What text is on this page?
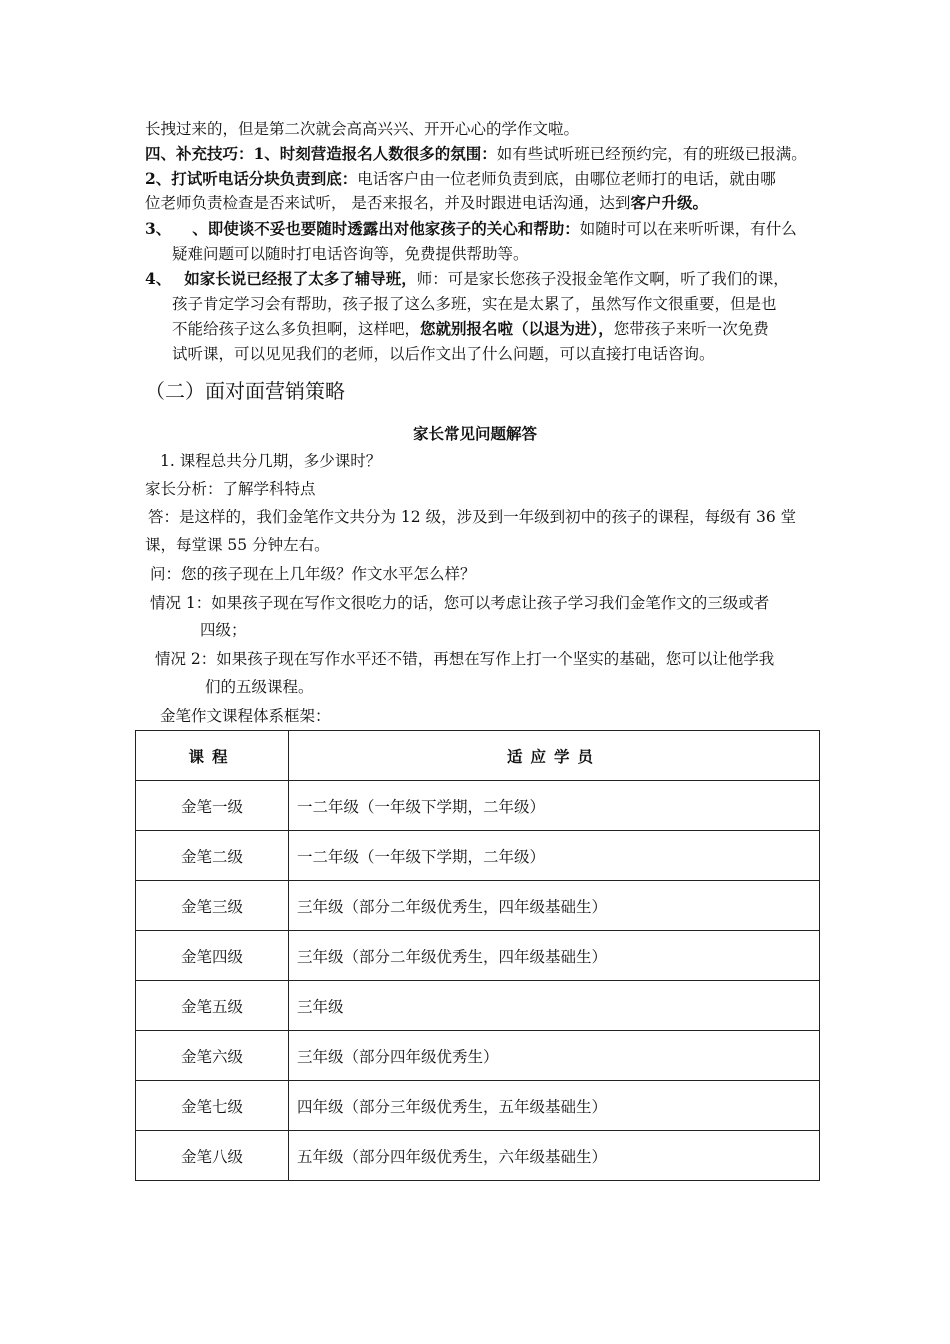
长拽过来的，但是第二次就会高高兴兴、开开心心的学作文啦。
四、补充技巧：1、时刻营造报名人数很多的氛围：如有些试听班已经预约完，有的班级已报满。
2、打试听电话分块负责到底：电话客户由一位老师负责到底，由哪位老师打的电话，就由哪
位老师负责检查是否来试听， 是否来报名，并及时跟进电话沟通，达到客户升级。
3、 、即使谈不妥也要随时透露出对他家孩子的关心和帮助：如随时可以在来听听课，有什么
疑难问题可以随时打电话咨询等，免费提供帮助等。
4、 如家长说已经报了太多了辅导班，师：可是家长您孩子没报金笔作文啊，听了我们的课，
孩子肯定学习会有帮助，孩子报了这么多班，实在是太累了，虽然写作文很重要，但是也
不能给孩子这么多负担啊，这样吧，您就别报名啦（以退为进），您带孩子来听一次免费
试听课，可以见见我们的老师，以后作文出了什么问题，可以直接打电话咨询。
（二）面对面营销策略
家长常见问题解答
1. 课程总共分几期，多少课时？
家长分析：了解学科特点
答：是这样的，我们金笔作文共分为 12 级，涉及到一年级到初中的孩子的课程，每级有 36 堂
课，每堂课 55 分钟左右。
问：您的孩子现在上几年级？作文水平怎么样？
情况 1：如果孩子现在写作文很吃力的话，您可以考虑让孩子学习我们金笔作文的三级或者
四级；
情况 2：如果孩子现在写作水平还不错，再想在写作上打一个坚实的基础，您可以让他学我
们的五级课程。
金笔作文课程体系框架：
课程	适应学员
金笔一级	一二年级（一年级下学期，二年级）
金笔二级	一二年级（一年级下学期，二年级）
金笔三级	三年级（部分二年级优秀生，四年级基础生）
金笔四级	三年级（部分二年级优秀生，四年级基础生）
金笔五级	三年级
金笔六级	三年级（部分四年级优秀生）
金笔七级	四年级（部分三年级优秀生，五年级基础生）
金笔八级	五年级（部分四年级优秀生，六年级基础生）
